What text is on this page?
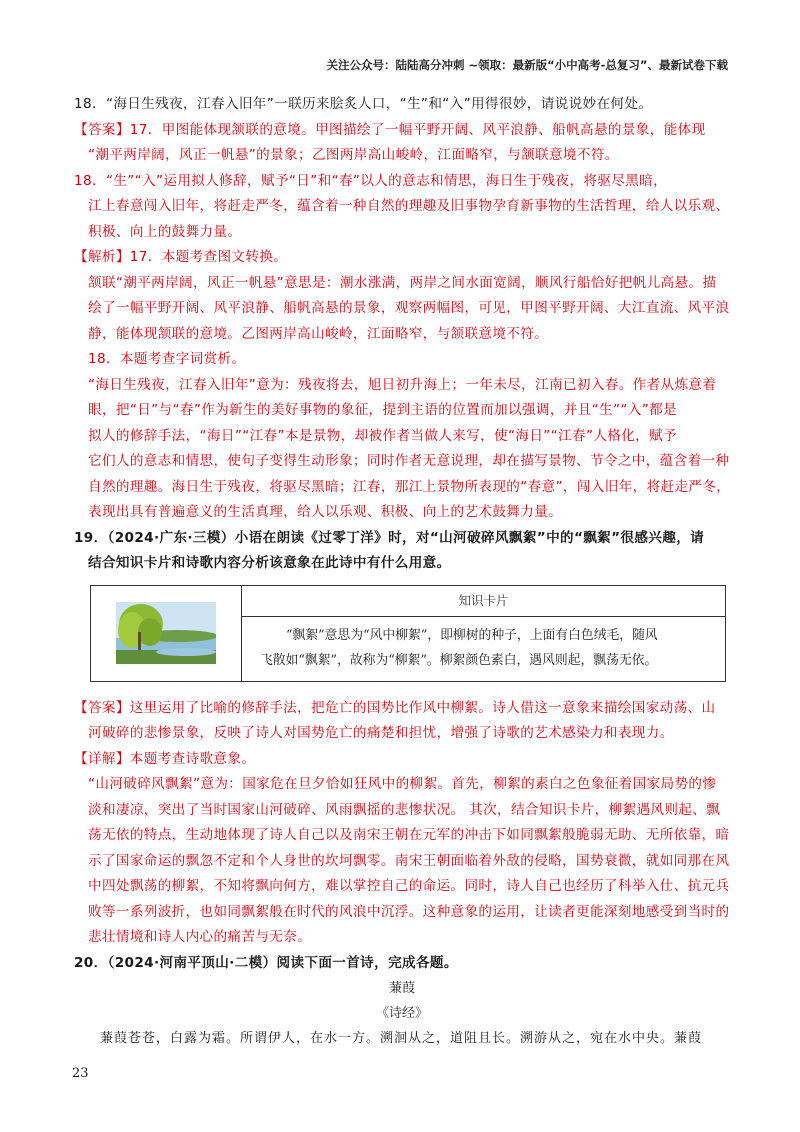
关注公众号：陆陆高分冲刺 ~领取：最新版“小中高考-总复习”、最新试卷下载
18．“海日生残夜，江春入旧年”一联历来脍炙人口，“生”和“入”用得很妙，请说说妙在何处。
【答案】17．甲图能体现颔联的意境。甲图描绘了一幅平野开阔、风平浪静、船帆高悬的景象，能体现
“潮平两岸阔，风正一帆悬”的景象；乙图两岸高山峻岭，江面略窄，与颔联意境不符。
18．“生”“入”运用拟人修辞，赋予“日”和“春”以人的意志和情思，海日生于残夜，将驱尽黑暗，
江上春意闯入旧年，将赶走严冬，蕴含着一种自然的理趣及旧事物孕育新事物的生活哲理，给人以乐观、
积极、向上的鼓舞力量。
【解析】17．本题考查图文转换。
颔联“潮平两岸阔，风正一帆悬”意思是：潮水涨满，两岸之间水面宽阔，顺风行船恰好把帆儿高悬。描
绘了一幅平野开阔、风平浪静、船帆高悬的景象，观察两幅图，可见，甲图平野开阔、大江直流、风平浪
静，能体现颔联的意境。乙图两岸高山峻岭，江面略窄，与颔联意境不符。
18．本题考查字词赏析。
“海日生残夜，江春入旧年”意为：残夜将去，旭日初升海上；一年未尽，江南已初入春。作者从炼意着
眼，把“日”与“春”作为新生的美好事物的象征，提到主语的位置而加以强调，并且“生”“入”都是
拟人的修辞手法，“海日”“江春”本是景物，却被作者当做人来写，使“海日”“江春”人格化，赋予
它们人的意志和情思，使句子变得生动形象；同时作者无意说理，却在描写景物、节令之中，蕴含着一种
自然的理趣。海日生于残夜，将驱尽黑暗；江春，那江上景物所表现的“春意”，闯入旧年，将赶走严冬，
表现出具有普遍意义的生活真理，给人以乐观、积极、向上的艺术鼓舞力量。
19．（2024·广东·三模）小语在朗读《过零丁洋》时，对“山河破碎风飘絮”中的“飘絮”很感兴趣，请
结合知识卡片和诗歌内容分析该意象在此诗中有什么用意。
知识卡片
“飘絮”意思为“风中柳絮”，即柳树的种子，上面有白色绒毛，随风
飞散如“飘絮”，故称为“柳絮”。柳絮颜色素白，遇风则起，飘荡无依。
【答案】这里运用了比喻的修辞手法，把危亡的国势比作风中柳絮。诗人借这一意象来描绘国家动荡、山
河破碎的悲惨景象，反映了诗人对国势危亡的痛楚和担忧，增强了诗歌的艺术感染力和表现力。
【详解】本题考查诗歌意象。
“山河破碎风飘絮”意为：国家危在旦夕恰如狂风中的柳絮。首先，柳絮的素白之色象征着国家局势的惨
淡和凄凉，突出了当时国家山河破碎、风雨飘摇的悲惨状况。 其次，结合知识卡片，柳絮遇风则起、飘
荡无依的特点，生动地体现了诗人自己以及南宋王朝在元军的冲击下如同飘絮般脆弱无助、无所依靠，暗
示了国家命运的飘忽不定和个人身世的坎坷飘零。南宋王朝面临着外敌的侵略，国势衰微，就如同那在风
中四处飘荡的柳絮，不知将飘向何方，难以掌控自己的命运。同时，诗人自己也经历了科举入仕、抗元兵
败等一系列波折，也如同飘絮般在时代的风浪中沉浮。这种意象的运用，让读者更能深刻地感受到当时的
悲壮情境和诗人内心的痛苦与无奈。
20．（2024·河南平顶山·二模）阅读下面一首诗，完成各题。
蒹葭
《诗经》
蒹葭苍苍，白露为霜。所谓伊人，在水一方。溯洄从之，道阻且长。溯游从之，宛在水中央。蒹葭
23
